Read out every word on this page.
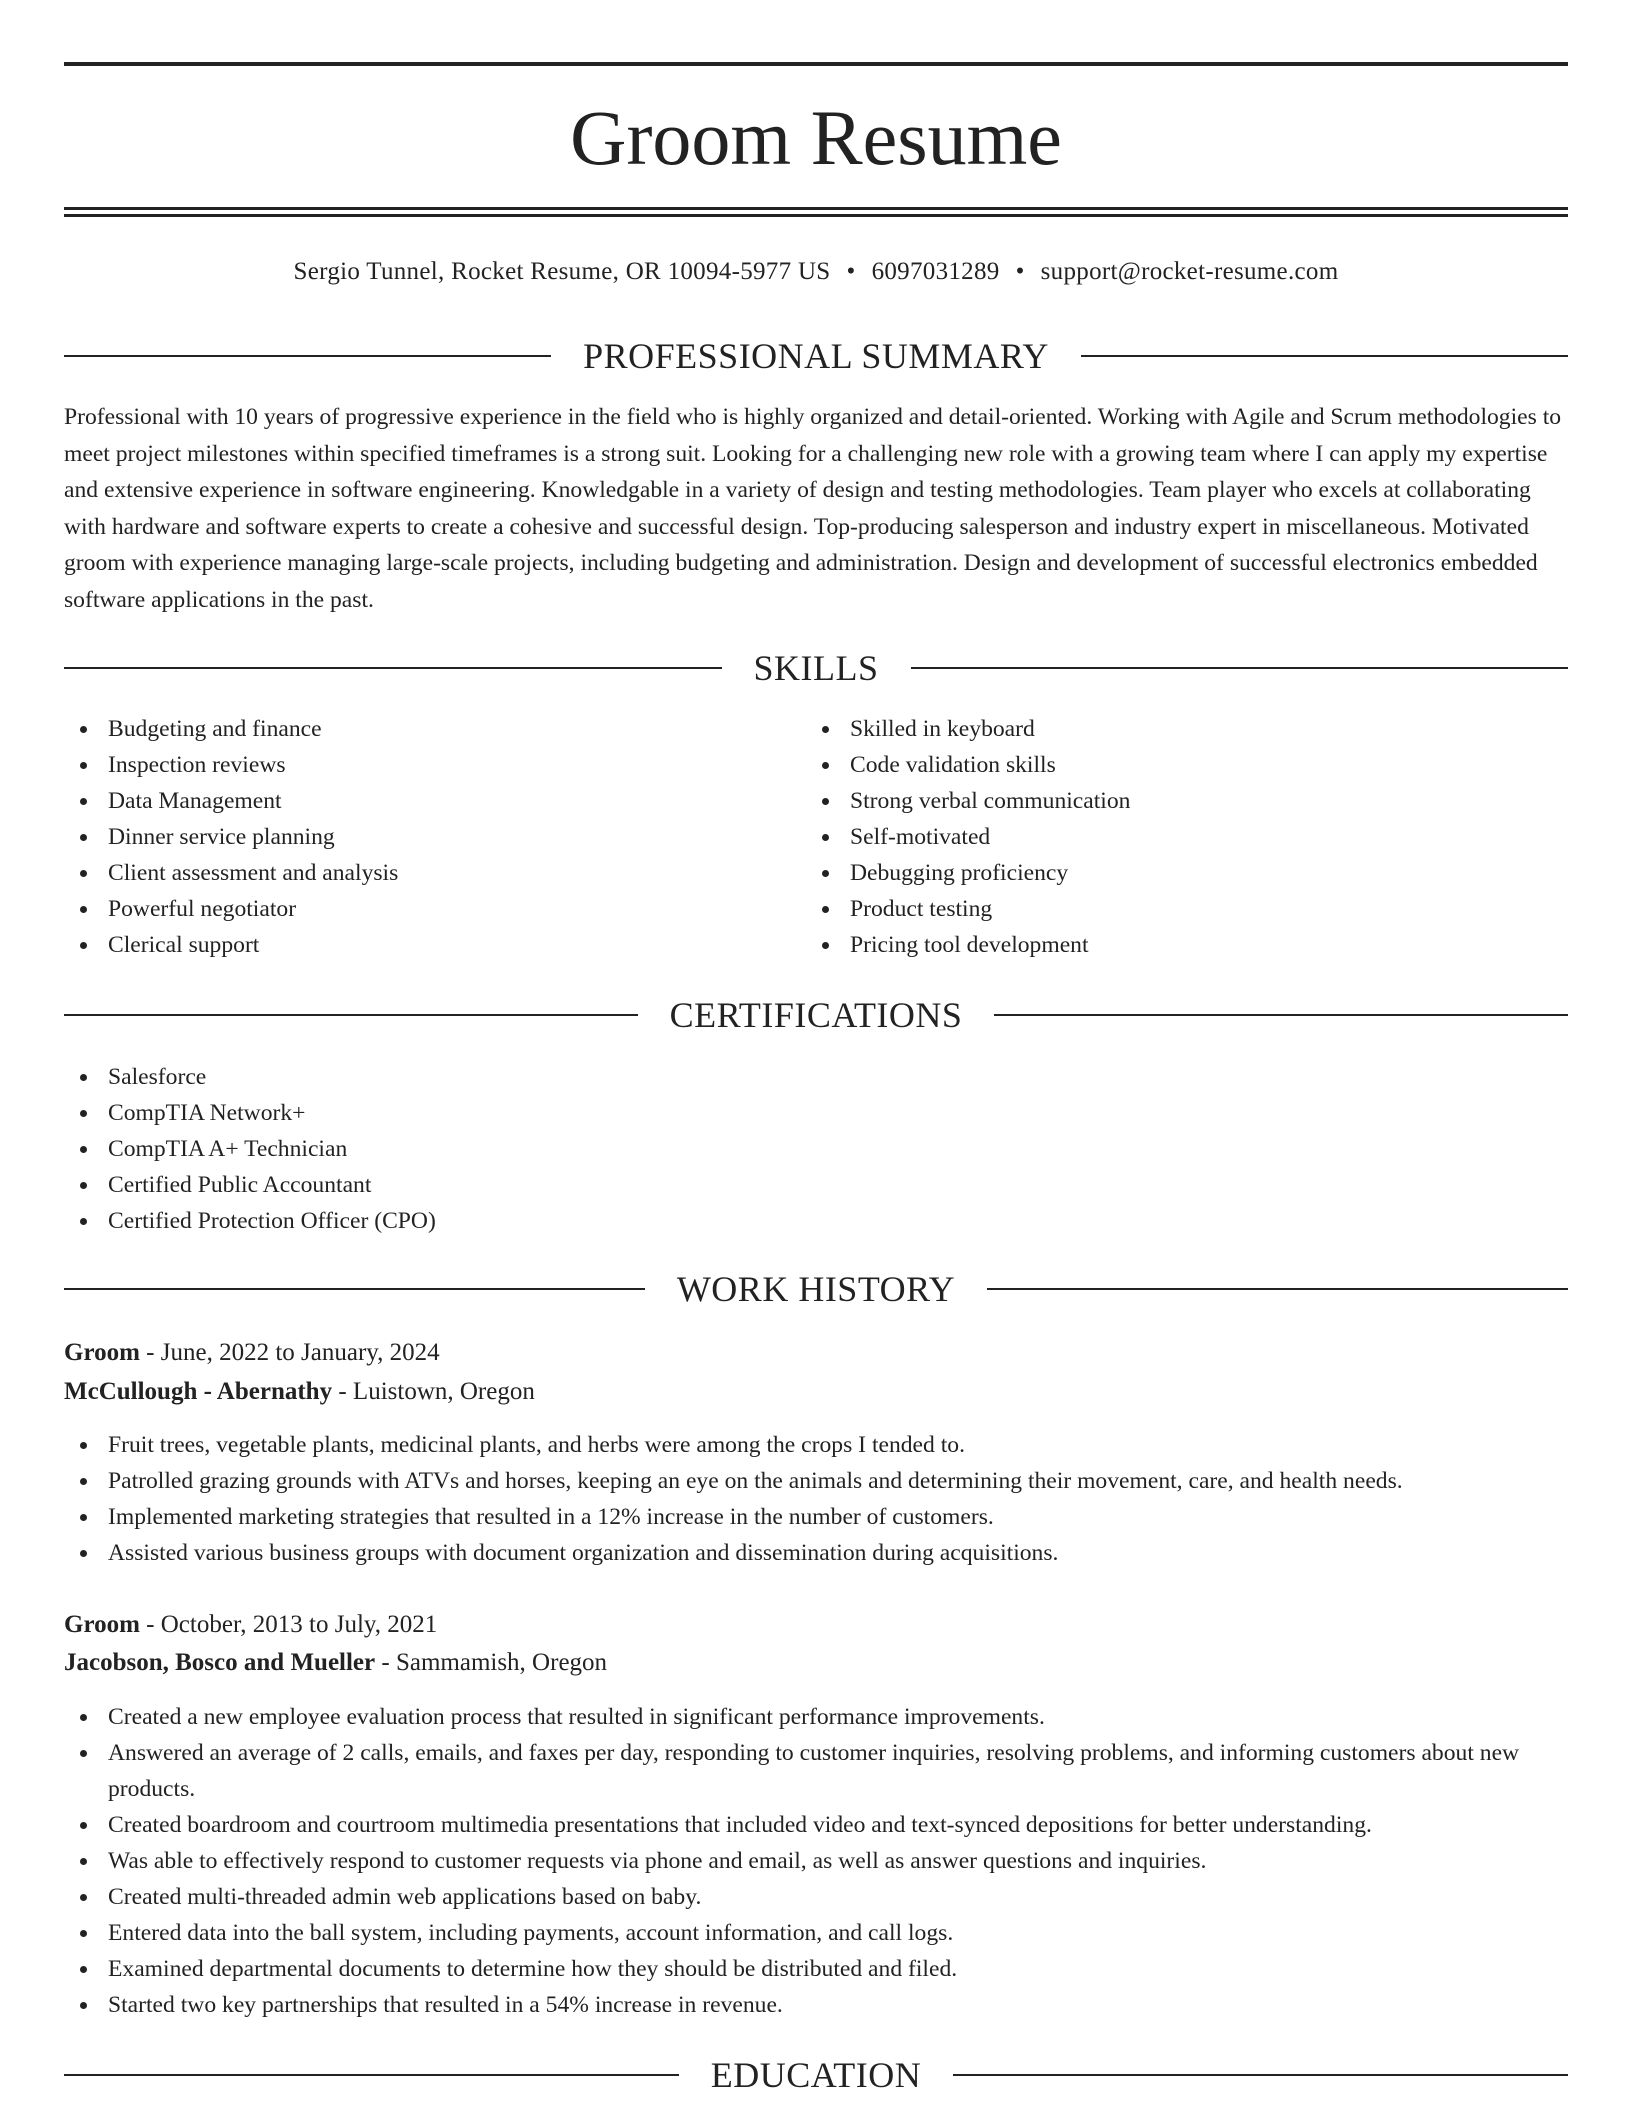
Groom Resume
Sergio Tunnel, Rocket Resume, OR 10094-5977 US • 6097031289 • support@rocket-resume.com
PROFESSIONAL SUMMARY

Professional with 10 years of progressive experience in the field who is highly organized and detail-oriented. Working with Agile and Scrum methodologies to meet project milestones within specified timeframes is a strong suit. Looking for a challenging new role with a growing team where I can apply my expertise and extensive experience in software engineering. Knowledgable in a variety of design and testing methodologies. Team player who excels at collaborating with hardware and software experts to create a cohesive and successful design. Top-producing salesperson and industry expert in miscellaneous. Motivated groom with experience managing large-scale projects, including budgeting and administration. Design and development of successful electronics embedded software applications in the past.

SKILLS
Budgeting and finance
Inspection reviews
Data Management
Dinner service planning
Client assessment and analysis
Powerful negotiator
Clerical support
Skilled in keyboard
Code validation skills
Strong verbal communication
Self-motivated
Debugging proficiency
Product testing
Pricing tool development
CERTIFICATIONS
Salesforce
CompTIA Network+
CompTIA A+ Technician
Certified Public Accountant
Certified Protection Officer (CPO)
WORK HISTORY
Groom - June, 2022 to January, 2024
McCullough - Abernathy - Luistown, Oregon
Fruit trees, vegetable plants, medicinal plants, and herbs were among the crops I tended to.
Patrolled grazing grounds with ATVs and horses, keeping an eye on the animals and determining their movement, care, and health needs.
Implemented marketing strategies that resulted in a 12% increase in the number of customers.
Assisted various business groups with document organization and dissemination during acquisitions.
Groom - October, 2013 to July, 2021
Jacobson, Bosco and Mueller - Sammamish, Oregon
Created a new employee evaluation process that resulted in significant performance improvements.
Answered an average of 2 calls, emails, and faxes per day, responding to customer inquiries, resolving problems, and informing customers about new products.
Created boardroom and courtroom multimedia presentations that included video and text-synced depositions for better understanding.
Was able to effectively respond to customer requests via phone and email, as well as answer questions and inquiries.
Created multi-threaded admin web applications based on baby.
Entered data into the ball system, including payments, account information, and call logs.
Examined departmental documents to determine how they should be distributed and filed.
Started two key partnerships that resulted in a 54% increase in revenue.
EDUCATION
